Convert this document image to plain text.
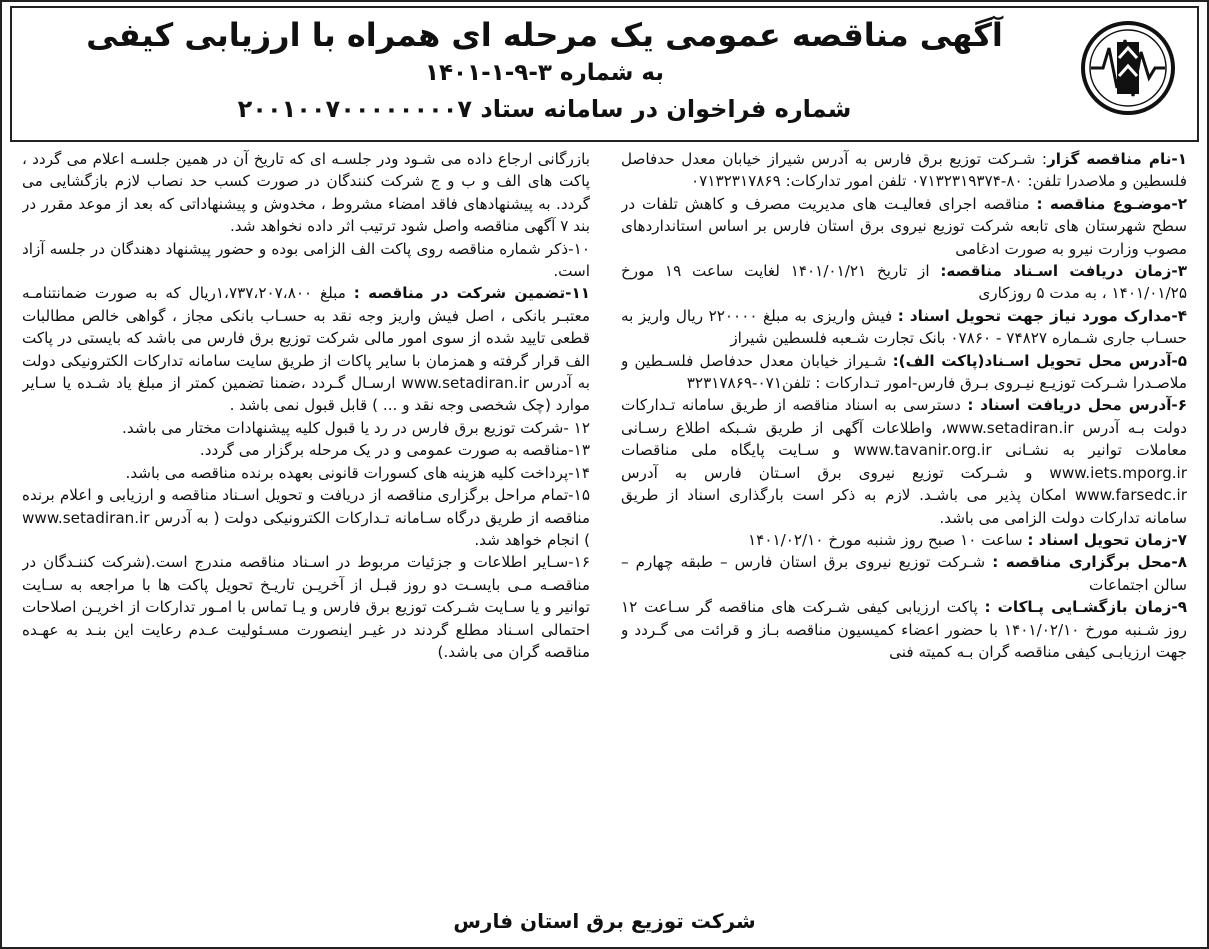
آگهی مناقصه عمومی یک مرحله ای همراه با ارزیابی کیفی

به شماره ۳-۹-۱-۱۴۰۱

شماره فراخوان در سامانه ستاد ۲۰۰۱۰۰۷۰۰۰۰۰۰۰۰۷

۱-نام مناقصه گزار: شـرکت توزیع برق فارس به آدرس شیراز خیابان معدل حدفاصل فلسطین و ملاصدرا تلفن: ۸۰-۰۷۱۳۲۳۱۹۳۷۴ تلفن امور تدارکات: ۰۷۱۳۲۳۱۷۸۶۹

۲-موضـوع مناقصه : مناقصه اجرای فعالیـت های مدیریت مصرف و کاهش تلفات در سطح شهرستان های تابعه شرکت توزیع نیروی برق استان فارس بر اساس استانداردهای مصوب وزارت نیرو به صورت ادغامی

۳-زمان دریافت اسـناد مناقصه: از تاریخ ۱۴۰۱/۰۱/۲۱ لغایت ساعت ۱۹ مورخ ۱۴۰۱/۰۱/۲۵ ، به مدت ۵ روزکاری

۴-مدارک مورد نیاز جهت تحویل اسناد : فیش واریزی به مبلغ ۲۲۰۰۰۰ ریال واریز به حسـاب جاری شـماره ۷۴۸۲۷ - ۰۷۸۶۰ بانک تجارت شـعبه فلسطین شیراز

۵-آدرس محل تحویل اسـناد(پاکت الف): شـیراز خیابان معدل حدفاصل فلسـطین و ملاصـدرا شـرکت توزیـع نیـروی بـرق فارس-امور تـدارکات : تلفن۰۷۱-۳۲۳۱۷۸۶۹

۶-آدرس محل دریافت اسناد : دسترسی به اسناد مناقصه از طریق سامانه تـدارکات دولت بـه آدرس www.setadiran.ir، واطلاعات آگهی از طریق شـبکه اطلاع رسـانی معاملات توانیر به نشـانی www.tavanir.org.ir و سـایت پایگاه ملی مناقصات www.iets.mporg.ir و شـرکت توزیع نیروی برق اسـتان فارس به آدرس www.farsedc.ir امکان پذیر می باشـد. لازم به ذکر است بارگذاری اسناد از طریق سامانه تدارکات دولت الزامی می باشد.

۷-زمان تحویل اسناد : ساعت ۱۰ صبح روز شنبه مورخ ۱۴۰۱/۰۲/۱۰

۸-محل برگزاری مناقصه : شـرکت توزیع نیروی برق استان فارس – طبقه چهارم – سالن اجتماعات

۹-زمان بازگشـایی پـاکات : پاکت ارزیابی کیفی شـرکت های مناقصه گر سـاعت ۱۲ روز شـنبه مورخ ۱۴۰۱/۰۲/۱۰ با حضور اعضاء کمیسیون مناقصه بـاز و قرائت می گـردد و جهت ارزیابـی کیفی مناقصه گران بـه کمیته فنی

بازرگانی ارجاع داده می شـود ودر جلسـه ای که تاریخ آن در همین جلسـه اعلام می گردد ، پاکت های الف و ب و ج شرکت کنندگان در صورت کسب حد نصاب لازم بازگشایی می گردد. به پیشنهادهای فاقد امضاء مشروط ، مخدوش و پیشنهاداتی که بعد از موعد مقرر در بند ۷ آگهی مناقصه واصل شود ترتیب اثر داده نخواهد شد.

۱۰-ذکر شماره مناقصه روی پاکت الف الزامی بوده و حضور پیشنهاد دهندگان در جلسه آزاد است.

۱۱-تضمین شرکت در مناقصه : مبلغ ۱،۷۳۷،۲۰۷،۸۰۰ریال که به صورت ضمانتنامـه معتبـر بانکی ، اصل فیش واریز وجه نقد به حسـاب بانکی مجاز ، گواهی خالص مطالبات قطعی تایید شده از سوی امور مالی شرکت توزیع برق فارس می باشد که بایستی در پاکت الف قرار گرفته و همزمان با سایر پاکات از طریق سایت سامانه تدارکات الکترونیکی دولت به آدرس www.setadiran.ir ارسـال گـردد ،ضمنا تضمین کمتر از مبلغ یاد شـده یا سـایر موارد (چک شخصی وجه نقد و ... ) قابل قبول نمی باشد .

۱۲ -شرکت توزیع برق فارس در رد یا قبول کلیه پیشنهادات مختار می باشد.

۱۳-مناقصه به صورت عمومی و در یک مرحله برگزار می گردد.

۱۴-پرداخت کلیه هزینه های کسورات قانونی بعهده برنده مناقصه می باشد.

۱۵-تمام مراحل برگزاری مناقصه از دریافت و تحویل اسـناد مناقصه و ارزیابی و اعلام برنده مناقصه از طریق درگاه سـامانه تـدارکات الکترونیکی دولت ( به آدرس www.setadiran.ir ) انجام خواهد شد.

۱۶-سـایر اطلاعات و جزئیات مربوط در اسـناد مناقصه مندرج است.(شرکت کننـدگان در مناقصـه مـی بایسـت دو روز قبـل از آخریـن تاریـخ تحویل پاکت ها با مراجعه به سـایت توانیر و یا سـایت شـرکت توزیع برق فارس و یـا تماس با امـور تدارکات از اخریـن اصلاحات احتمالی اسـناد مطلع گردند در غیـر اینصورت مسـئولیت عـدم رعایت این بنـد به عهـده مناقصه گران می باشد.)

شرکت توزیع برق استان فارس
